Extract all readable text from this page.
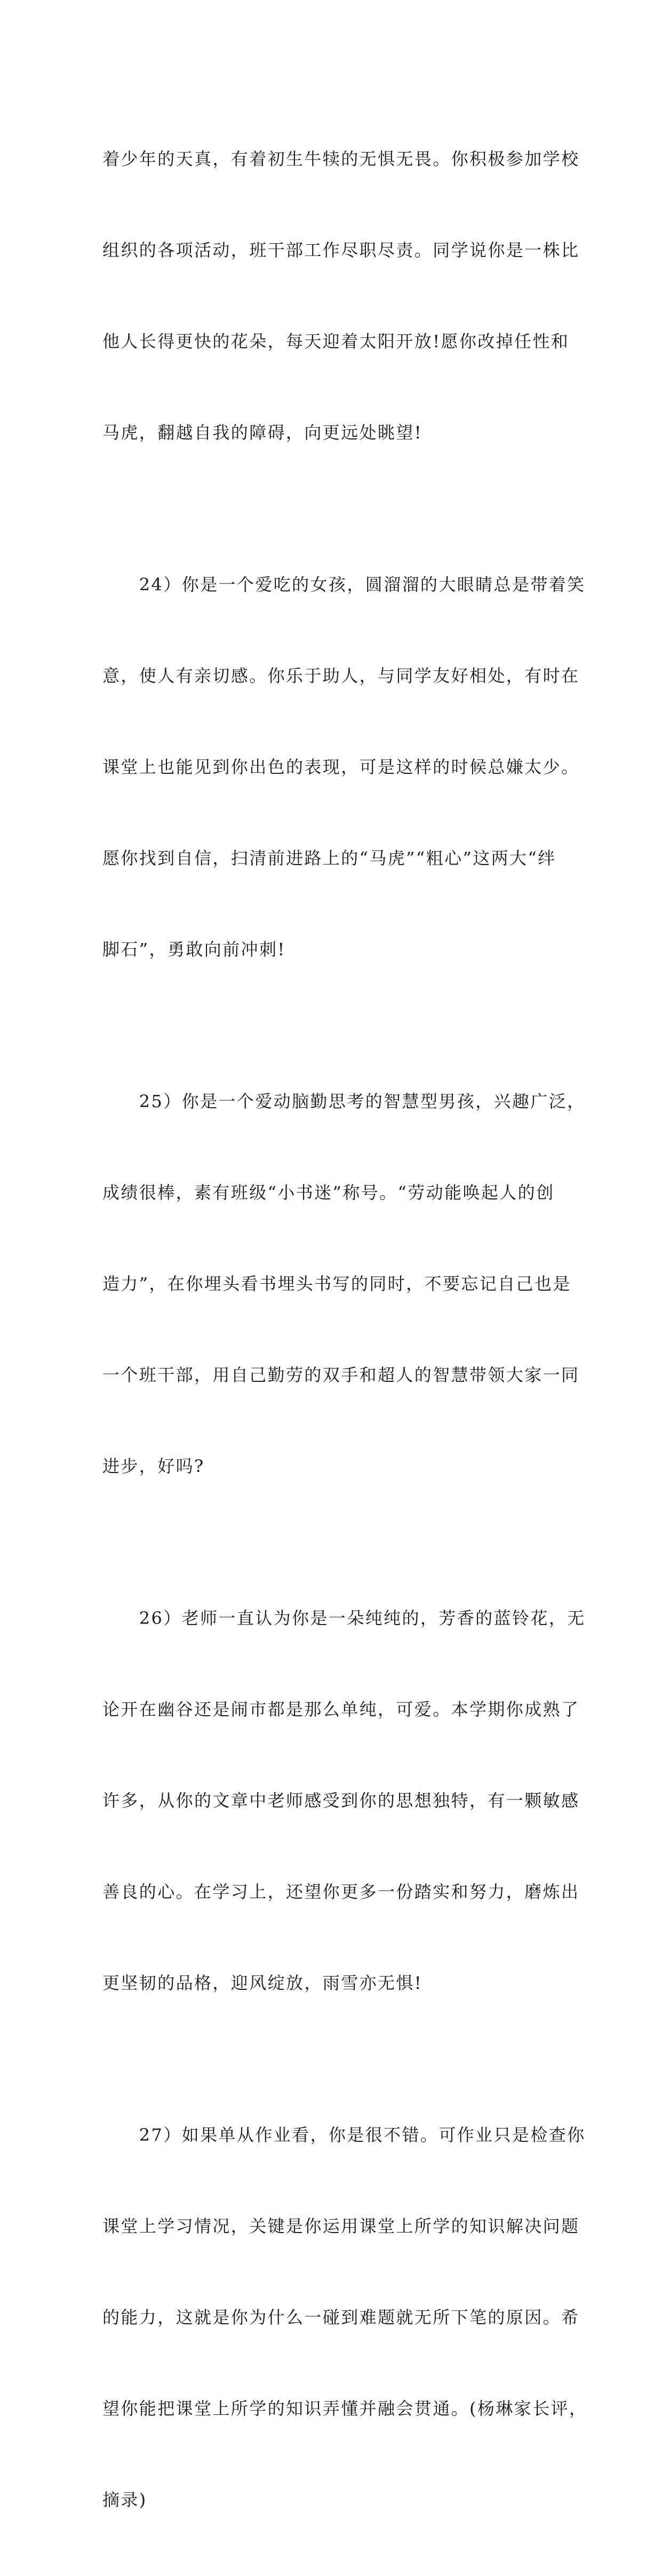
着少年的天真，有着初生牛犊的无惧无畏。你积极参加学校

组织的各项活动，班干部工作尽职尽责。同学说你是一株比

他人长得更快的花朵，每天迎着太阳开放!愿你改掉任性和

马虎，翻越自我的障碍，向更远处眺望!

　　24）你是一个爱吃的女孩，圆溜溜的大眼睛总是带着笑

意，使人有亲切感。你乐于助人，与同学友好相处，有时在

课堂上也能见到你出色的表现，可是这样的时候总嫌太少。

愿你找到自信，扫清前进路上的“马虎”“粗心”这两大“绊

脚石”，勇敢向前冲刺!

　　25）你是一个爱动脑勤思考的智慧型男孩，兴趣广泛，

成绩很棒，素有班级“小书迷”称号。“劳动能唤起人的创

造力”，在你埋头看书埋头书写的同时，不要忘记自己也是

一个班干部，用自己勤劳的双手和超人的智慧带领大家一同

进步，好吗?

　　26）老师一直认为你是一朵纯纯的，芳香的蓝铃花，无

论开在幽谷还是闹市都是那么单纯，可爱。本学期你成熟了

许多，从你的文章中老师感受到你的思想独特，有一颗敏感

善良的心。在学习上，还望你更多一份踏实和努力，磨炼出

更坚韧的品格，迎风绽放，雨雪亦无惧!

　　27）如果单从作业看，你是很不错。可作业只是检查你

课堂上学习情况，关键是你运用课堂上所学的知识解决问题

的能力，这就是你为什么一碰到难题就无所下笔的原因。希

望你能把课堂上所学的知识弄懂并融会贯通。(杨琳家长评，

摘录)
